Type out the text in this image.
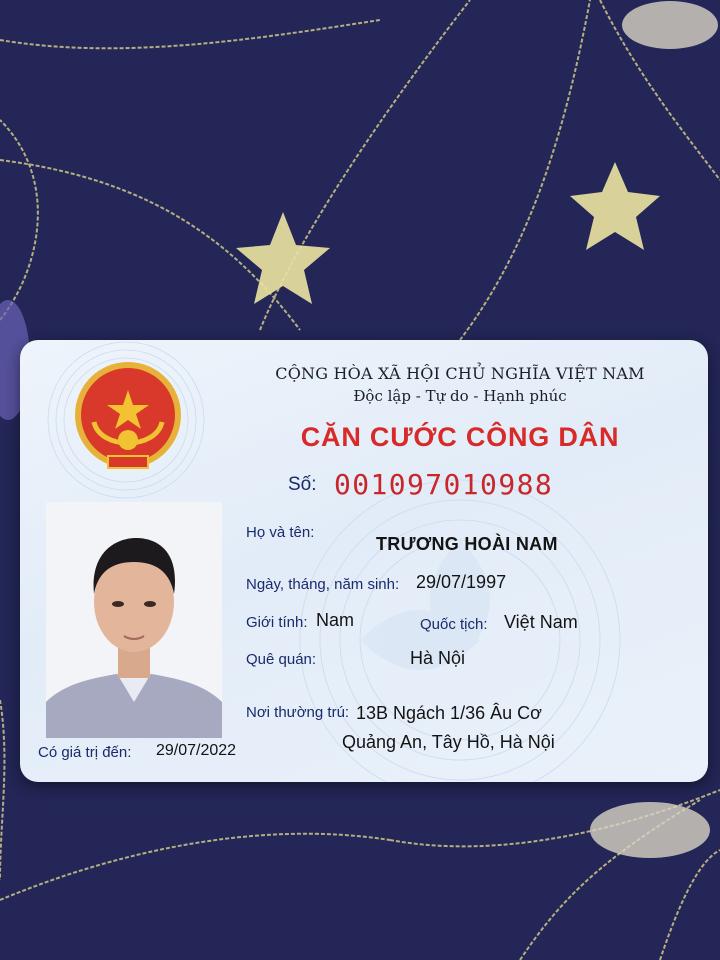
CỘNG HÒA XÃ HỘI CHỦ NGHĨA VIỆT NAM
Độc lập - Tự do - Hạnh phúc
CĂN CƯỚC CÔNG DÂN
Số: 001097010988
Họ và tên:
TRƯƠNG HOÀI NAM
Ngày, tháng, năm sinh: 29/07/1997
Giới tính: Nam	Quốc tịch: Việt Nam
Quê quán:	Hà Nội
Nơi thường trú: 13B Ngách 1/36 Âu Cơ
Quảng An, Tây Hồ, Hà Nội
Có giá trị đến: 29/07/2022
